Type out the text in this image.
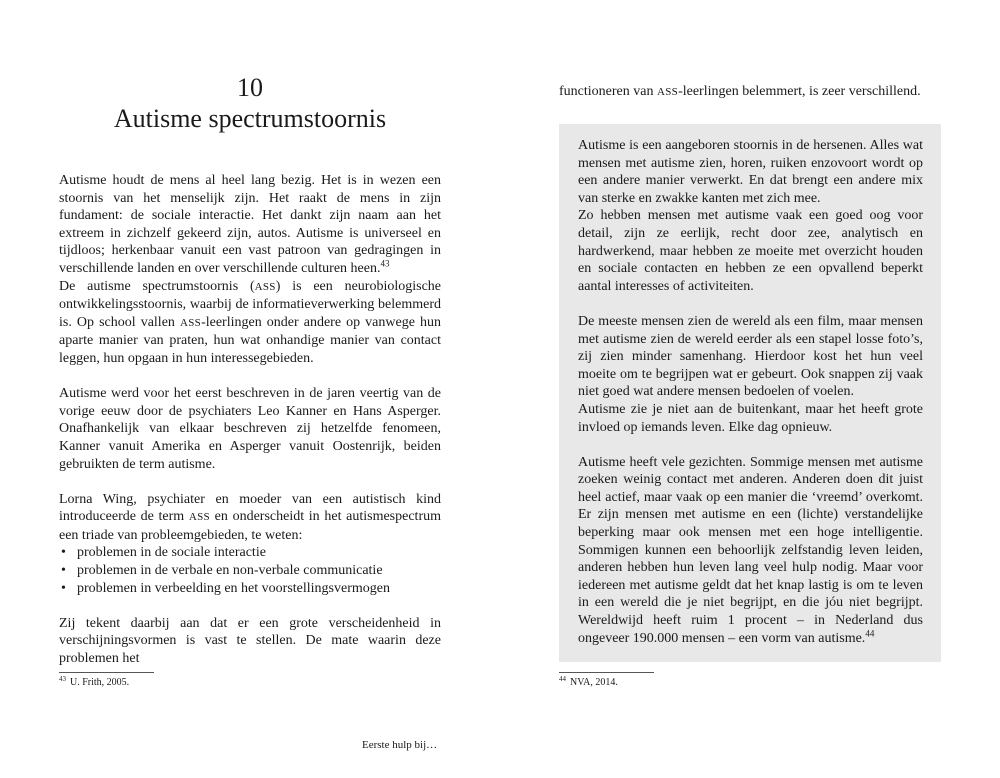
10
Autisme spectrumstoornis

Autisme houdt de mens al heel lang bezig. Het is in wezen een stoornis van het menselijk zijn. Het raakt de mens in zijn fundament: de sociale interactie. Het dankt zijn naam aan het extreem in zichzelf gekeerd zijn, autos. Autisme is universeel en tijdloos; herkenbaar vanuit een vast patroon van gedragingen in verschillende landen en over verschillende culturen heen.$^{43}$

De autisme spectrumstoornis (ASS) is een neurobiologische ontwikkelingsstoornis, waarbij de informatieverwerking belemmerd is. Op school vallen ASS-leerlingen onder andere op vanwege hun aparte manier van praten, hun wat onhandige manier van contact leggen, hun opgaan in hun interessegebieden.

Autisme werd voor het eerst beschreven in de jaren veertig van de vorige eeuw door de psychiaters Leo Kanner en Hans Asperger. Onafhankelijk van elkaar beschreven zij hetzelfde fenomeen, Kanner vanuit Amerika en Asperger vanuit Oostenrijk, beiden gebruikten de term autisme.

Lorna Wing, psychiater en moeder van een autistisch kind introduceerde de term ASS en onderscheidt in het autismespectrum een triade van probleemgebieden, te weten:

• problemen in de sociale interactie
• problemen in de verbale en non-verbale communicatie
• problemen in verbeelding en het voorstellingsvermogen

Zij tekent daarbij aan dat er een grote verscheidenheid in verschijningsvormen is vast te stellen. De mate waarin deze problemen het

$^{43}$ U. Frith, 2005.
functioneren van ASS-leerlingen belemmert, is zeer verschillend.

Autisme is een aangeboren stoornis in de hersenen. Alles wat mensen met autisme zien, horen, ruiken enzovoort wordt op een andere manier verwerkt. En dat brengt een andere mix van sterke en zwakke kanten met zich mee.

Zo hebben mensen met autisme vaak een goed oog voor detail, zijn ze eerlijk, recht door zee, analytisch en hardwerkend, maar hebben ze moeite met overzicht houden en sociale contacten en hebben ze een opvallend beperkt aantal interesses of activiteiten.

De meeste mensen zien de wereld als een film, maar mensen met autisme zien de wereld eerder als een stapel losse foto’s, zij zien minder samenhang. Hierdoor kost het hun veel moeite om te begrijpen wat er gebeurt. Ook snappen zij vaak niet goed wat andere mensen bedoelen of voelen.

Autisme zie je niet aan de buitenkant, maar het heeft grote invloed op iemands leven. Elke dag opnieuw.

Autisme heeft vele gezichten. Sommige mensen met autisme zoeken weinig contact met anderen. Anderen doen dit juist heel actief, maar vaak op een manier die ‘vreemd’ overkomt. Er zijn mensen met autisme en een (lichte) verstandelijke beperking maar ook mensen met een hoge intelligentie. Sommigen kunnen een behoorlijk zelfstandig leven leiden, anderen hebben hun leven lang veel hulp nodig. Maar voor iedereen met autisme geldt dat het knap lastig is om te leven in een wereld die je niet begrijpt, en die jóu niet begrijpt. Wereldwijd heeft ruim 1 procent – in Nederland dus ongeveer 190.000 mensen – een vorm van autisme.$^{44}$

$^{44}$ NVA, 2014.
Eerste hulp bij…
